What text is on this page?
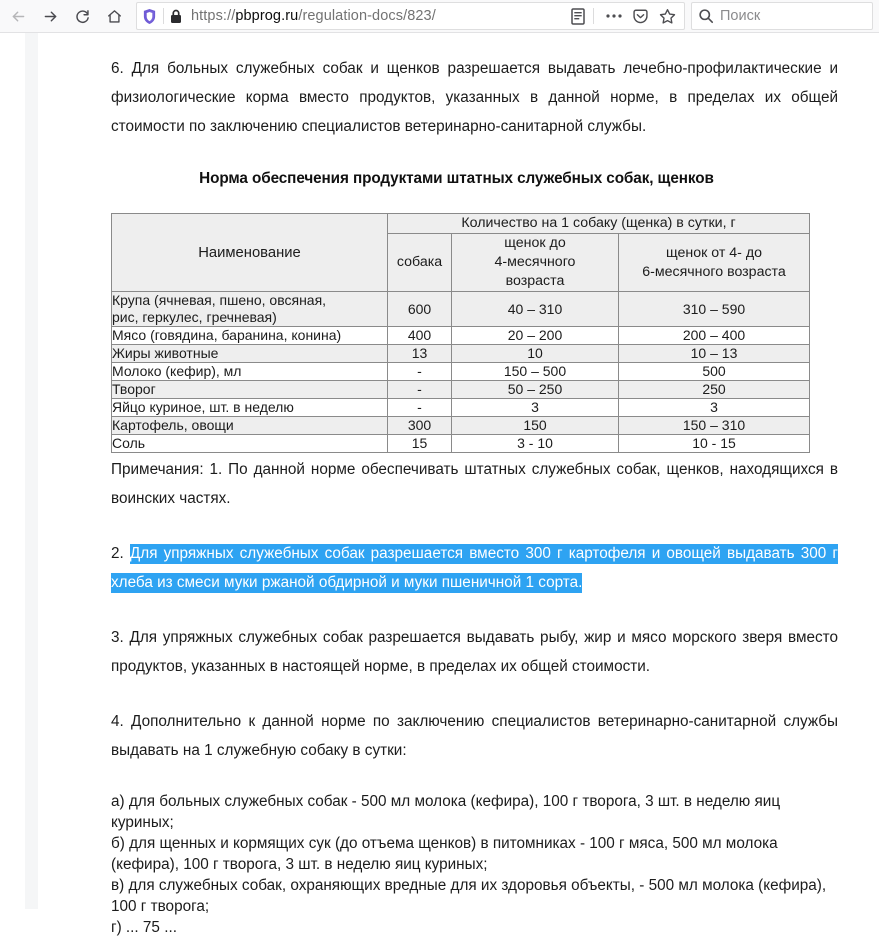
https://pbprog.ru/regulation-docs/823/	Поиск

6. Для больных служебных собак и щенков разрешается выдавать лечебно-профилактические и физиологические корма вместо продуктов, указанных в данной норме, в пределах их общей стоимости по заключению специалистов ветеринарно-санитарной службы.

Норма обеспечения продуктами штатных служебных собак, щенков
Наименование	Количество на 1 собаку (щенка) в сутки, г		
	собака	щенок до
4-месячного
возраста	щенок от 4- до
6-месячного возраста
Крупа (ячневая, пшено, овсяная,
рис, геркулес, гречневая)	600	40 – 310	310 – 590
Мясо (говядина, баранина, конина)	400	20 – 200	200 – 400
Жиры животные	13	10	10 – 13
Молоко (кефир), мл	-	150 – 500	500
Творог	-	50 – 250	250
Яйцо куриное, шт. в неделю	-	3	3
Картофель, овощи	300	150	150 – 310
Соль	15	3 - 10	10 - 15

Примечания: 1. По данной норме обеспечивать штатных служебных собак, щенков, находящихся в воинских частях.

2. Для упряжных служебных собак разрешается вместо 300 г картофеля и овощей выдавать 300 г хлеба из смеси муки ржаной обдирной и муки пшеничной 1 сорта.

3. Для упряжных служебных собак разрешается выдавать рыбу, жир и мясо морского зверя вместо продуктов, указанных в настоящей норме, в пределах их общей стоимости.

4. Дополнительно к данной норме по заключению специалистов ветеринарно-санитарной службы выдавать на 1 служебную собаку в сутки:

а) для больных служебных собак - 500 мл молока (кефира), 100 г творога, 3 шт. в неделю яиц куриных;

б) для щенных и кормящих сук (до отъема щенков) в питомниках - 100 г мяса, 500 мл молока (кефира), 100 г творога, 3 шт. в неделю яиц куриных;

в) для служебных собак, охраняющих вредные для их здоровья объекты, - 500 мл молока (кефира), 100 г творога;

г) ... 75 ...
